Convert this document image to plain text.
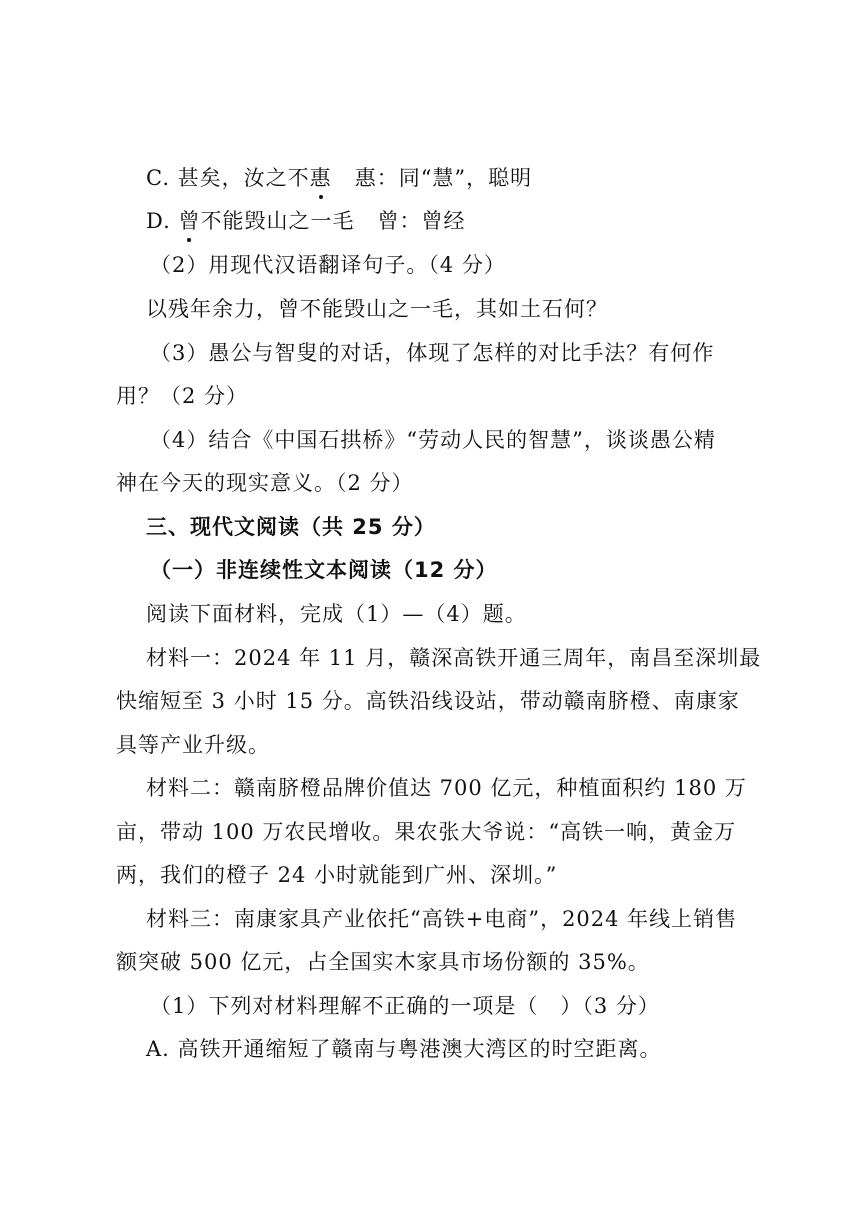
C. 甚矣，汝之不惠   惠：同“慧”，聪明
D. 曾不能毁山之一毛   曾：曾经
（2）用现代汉语翻译句子。（4 分）
以残年余力，曾不能毁山之一毛，其如土石何？
（3）愚公与智叟的对话，体现了怎样的对比手法？有何作
用？（2 分）
（4）结合《中国石拱桥》“劳动人民的智慧”，谈谈愚公精
神在今天的现实意义。（2 分）
三、现代文阅读（共 25 分）
（一）非连续性文本阅读（12 分）
阅读下面材料，完成（1）—（4）题。
材料一：2024 年 11 月，赣深高铁开通三周年，南昌至深圳最
快缩短至 3 小时 15 分。高铁沿线设站，带动赣南脐橙、南康家
具等产业升级。
材料二：赣南脐橙品牌价值达 700 亿元，种植面积约 180 万
亩，带动 100 万农民增收。果农张大爷说：“高铁一响，黄金万
两，我们的橙子 24 小时就能到广州、深圳。”
材料三：南康家具产业依托“高铁+电商”，2024 年线上销售
额突破 500 亿元，占全国实木家具市场份额的 35%。
（1）下列对材料理解不正确的一项是（　）（3 分）
A. 高铁开通缩短了赣南与粤港澳大湾区的时空距离。
